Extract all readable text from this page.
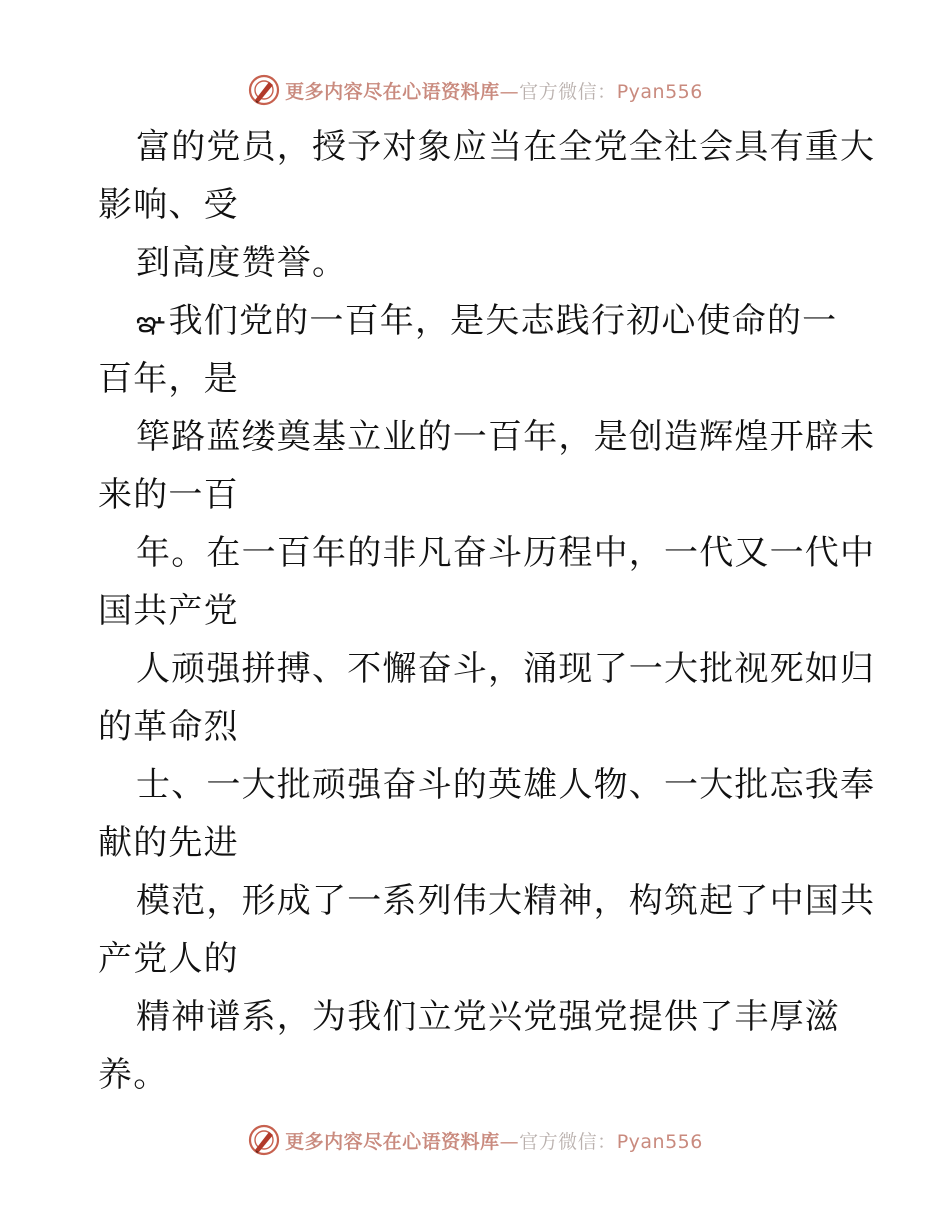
更多内容尽在心语资料库—官方微信：Pyan556
富的党员，授予对象应当在全党全社会具有重大
影响、受
到高度赞誉。
ఞ我们党的一百年，是矢志践行初心使命的一
百年，是
筚路蓝缕奠基立业的一百年，是创造辉煌开辟未
来的一百
年。在一百年的非凡奋斗历程中，一代又一代中
国共产党
人顽强拼搏、不懈奋斗，涌现了一大批视死如归
的革命烈
士、一大批顽强奋斗的英雄人物、一大批忘我奉
献的先进
模范，形成了一系列伟大精神，构筑起了中国共
产党人的
精神谱系，为我们立党兴党强党提供了丰厚滋
养。
更多内容尽在心语资料库—官方微信：Pyan556
